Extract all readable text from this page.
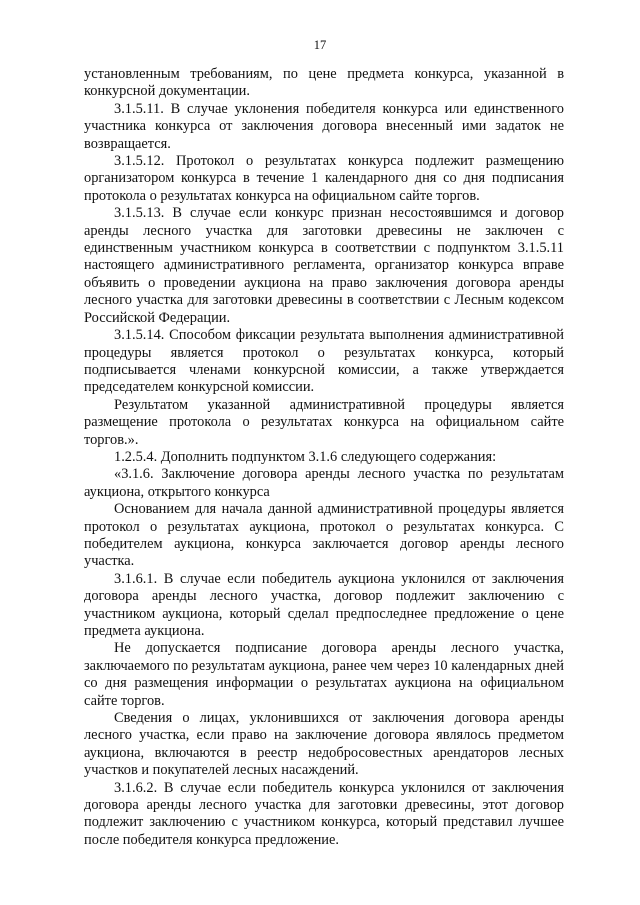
17

установленным требованиям, по цене предмета конкурса, указанной в конкурсной документации.

3.1.5.11. В случае уклонения победителя конкурса или единственного участника конкурса от заключения договора внесенный ими задаток не возвращается.

3.1.5.12. Протокол о результатах конкурса подлежит размещению организатором конкурса в течение 1 календарного дня со дня подписания протокола о результатах конкурса на официальном сайте торгов.

3.1.5.13. В случае если конкурс признан несостоявшимся и договор аренды лесного участка для заготовки древесины не заключен с единственным участником конкурса в соответствии с подпунктом 3.1.5.11 настоящего административного регламента, организатор конкурса вправе объявить о проведении аукциона на право заключения договора аренды лесного участка для заготовки древесины в соответствии с Лесным кодексом Российской Федерации.

3.1.5.14. Способом фиксации результата выполнения административной процедуры является протокол о результатах конкурса, который подписывается членами конкурсной комиссии, а также утверждается председателем конкурсной комиссии.

Результатом указанной административной процедуры является размещение протокола о результатах конкурса на официальном сайте торгов.».

1.2.5.4. Дополнить подпунктом 3.1.6 следующего содержания:

«3.1.6. Заключение договора аренды лесного участка по результатам аукциона, открытого конкурса

Основанием для начала данной административной процедуры является протокол о результатах аукциона, протокол о результатах конкурса. С победителем аукциона, конкурса заключается договор аренды лесного участка.

3.1.6.1. В случае если победитель аукциона уклонился от заключения договора аренды лесного участка, договор подлежит заключению с участником аукциона, который сделал предпоследнее предложение о цене предмета аукциона.

Не допускается подписание договора аренды лесного участка, заключаемого по результатам аукциона, ранее чем через 10 календарных дней со дня размещения информации о результатах аукциона на официальном сайте торгов.

Сведения о лицах, уклонившихся от заключения договора аренды лесного участка, если право на заключение договора являлось предметом аукциона, включаются в реестр недобросовестных арендаторов лесных участков и покупателей лесных насаждений.

3.1.6.2. В случае если победитель конкурса уклонился от заключения договора аренды лесного участка для заготовки древесины, этот договор подлежит заключению с участником конкурса, который представил лучшее после победителя конкурса предложение.
